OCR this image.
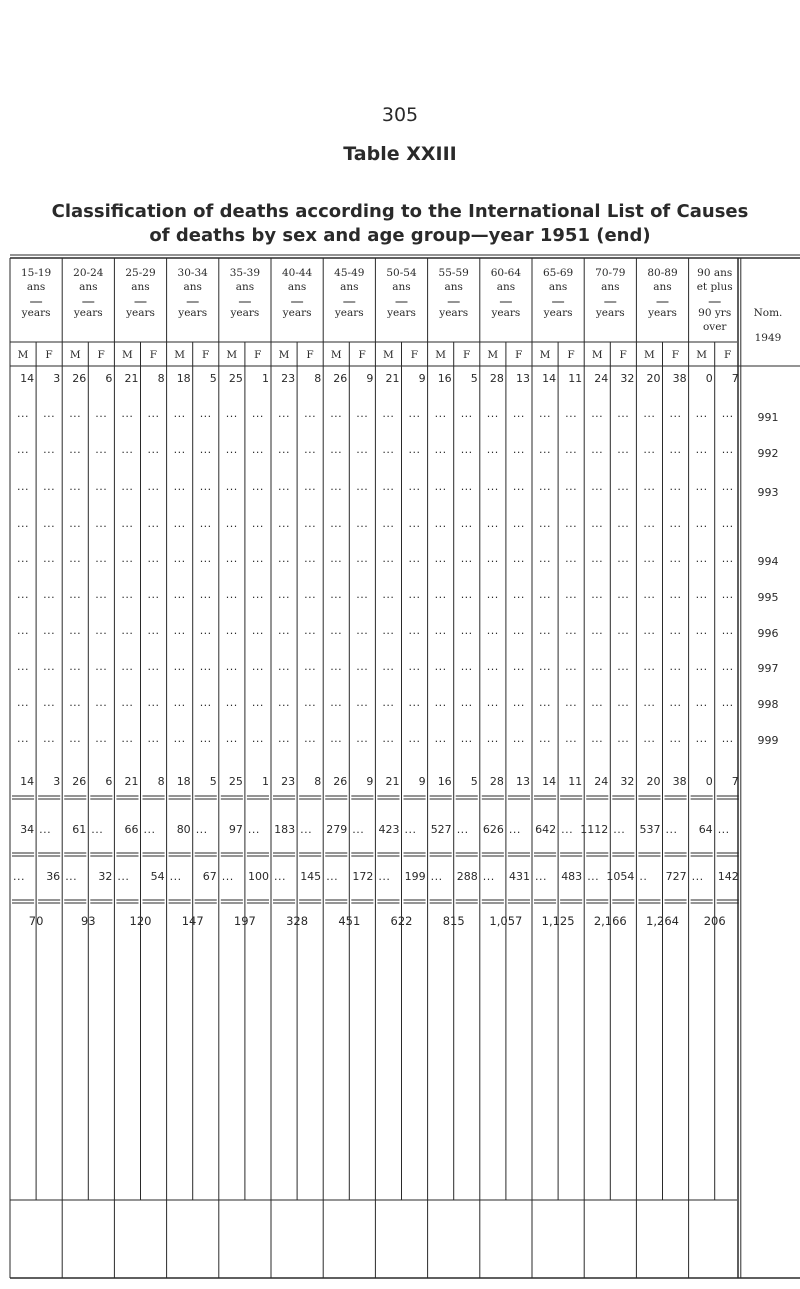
305
Table XXIII
Classification of deaths according to the International List of Causes
of deaths by sex and age group—year 1951 (end)
15-19
ans
years
M F
20-24
ans
years
M F
25-29
ans
years
M F
30-34
ans
years
M F
35-39
ans
years
M F
40-44
ans
years
M F
45-49
ans
years
M F
50-54
ans
years
M F
55-59
ans
years
M F
60-64
ans
years
M F
65-69
ans
years
M F
70-79
ans
years
M F
80-89
ans
years
M F
90 ans
et plus
90 yrs
over
M F
Nom.
1949
14 3 26 6 21 8 18 5 25 1 23 8 26 9 21 9 16 5 28 13 14 11 24 32 20 38 0 7
... ... ... ... ... ... ... ... ... ... ... ... ... ... ... ... ... ... ... ... ... ... ... ... ... ... ... ... 991
... ... ... ... ... ... ... ... ... ... ... ... ... ... ... ... ... ... ... ... ... ... ... ... ... ... ... ... 992
... ... ... ... ... ... ... ... ... ... ... ... ... ... ... ... ... ... ... ... ... ... ... ... ... ... ... ... 993
... ... ... ... ... ... ... ... ... ... ... ... ... ... ... ... ... ... ... ... ... ... ... ... ... ... ... ...
... ... ... ... ... ... ... ... ... ... ... ... ... ... ... ... ... ... ... ... ... ... ... ... ... ... ... ... 994
... ... ... ... ... ... ... ... ... ... ... ... ... ... ... ... ... ... ... ... ... ... ... ... ... ... ... ... 995
... ... ... ... ... ... ... ... ... ... ... ... ... ... ... ... ... ... ... ... ... ... ... ... ... ... ... ... 996
... ... ... ... ... ... ... ... ... ... ... ... ... ... ... ... ... ... ... ... ... ... ... ... ... ... ... ... 997
... ... ... ... ... ... ... ... ... ... ... ... ... ... ... ... ... ... ... ... ... ... ... ... ... ... ... ... 998
... ... ... ... ... ... ... ... ... ... ... ... ... ... ... ... ... ... ... ... ... ... ... ... ... ... ... ... 999
14 3 26 6 21 8 18 5 25 1 23 8 26 9 21 9 16 5 28 13 14 11 24 32 20 38 0 7
34 ... 61 ... 66 ... 80 ... 97 ... 183 ... 279 ... 423 ... 527 ... 626 ... 642 ... 1112 ... 537 ... 64 ...
... 36 ... 32 ... 54 ... 67 ... 100 ... 145 ... 172 ... 199 ... 288 ... 431 ... 483 ... 1054 .. 727 ... 142
70	93	120	147	197	328	451	622	815 1,057 1,125 2,166 1,264 206
